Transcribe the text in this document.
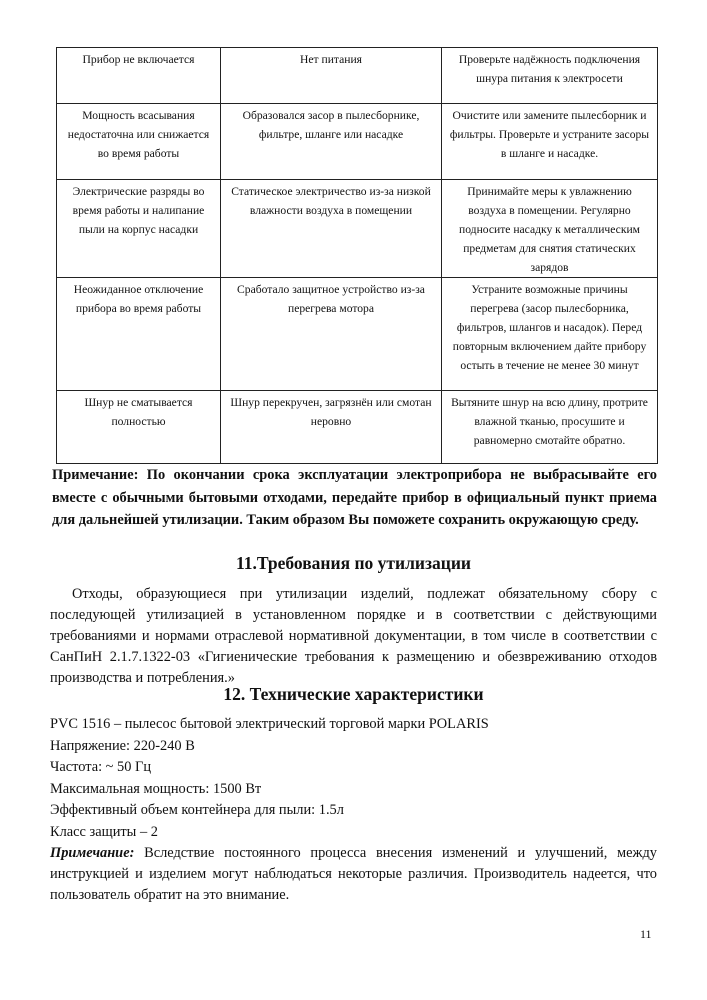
Прибор не включается	Нет питания	Проверьте надёжность подключения шнура питания к электросети
Мощность всасывания недостаточна или снижается во время работы	Образовался засор в пылесборнике, фильтре, шланге или насадке	Очистите или замените пылесборник и фильтры. Проверьте и устраните засоры в шланге и насадке.
Электрические разряды во время работы и налипание пыли на корпус насадки	Статическое электричество из-за низкой влажности воздуха в помещении	Принимайте меры к увлажнению воздуха в помещении. Регулярно подносите насадку к металлическим предметам для снятия статических зарядов
Неожиданное отключение прибора во время работы	Сработало защитное устройство из-за перегрева мотора	Устраните возможные причины перегрева (засор пылесборника, фильтров, шлангов и насадок). Перед повторным включением дайте прибору остыть в течение не менее 30 минут
Шнур не сматывается полностью	Шнур перекручен, загрязнён или смотан неровно	Вытяните шнур на всю длину, протрите влажной тканью, просушите и равномерно смотайте обратно.

Примечание: По окончании срока эксплуатации электроприбора не выбрасывайте его вместе с обычными бытовыми отходами, передайте прибор в официальный пункт приема для дальнейшей утилизации. Таким образом Вы поможете сохранить окружающую среду.

11.Требования по утилизации

Отходы, образующиеся при утилизации изделий, подлежат обязательному сбору с последующей утилизацией в установленном порядке и в соответствии с действующими требованиями и нормами отраслевой нормативной документации, в том числе в соответствии с СанПиН 2.1.7.1322-03 «Гигиенические требования к размещению и обезвреживанию отходов производства и потребления.»

12. Технические характеристики
PVC 1516 – пылесос бытовой электрический торговой марки POLARIS
Напряжение: 220-240 В
Частота: ~ 50 Гц
Максимальная мощность: 1500 Вт
Эффективный объем контейнера для пыли: 1.5л
Класс защиты – 2

Примечание: Вследствие постоянного процесса внесения изменений и улучшений, между инструкцией и изделием могут наблюдаться некоторые различия. Производитель надеется, что пользователь обратит на это внимание.

11
